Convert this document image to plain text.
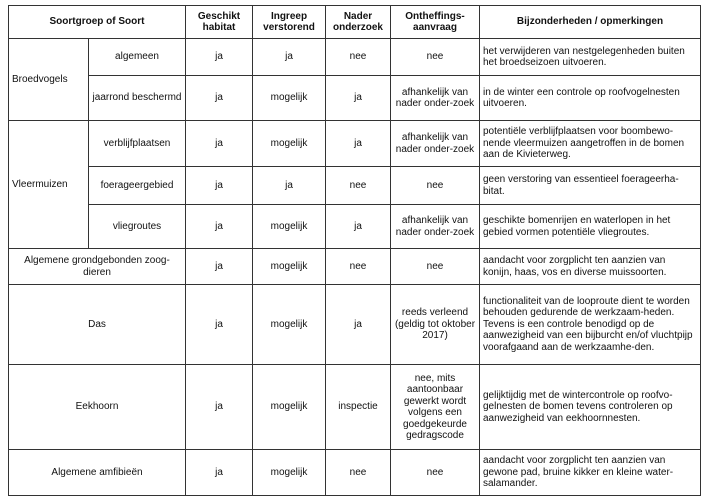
Soortgroep of Soort		Geschikt habitat	Ingreep verstorend	Nader onderzoek	Ontheffings-aanvraag	Bijzonderheden / opmerkingen
Broedvogels	algemeen	ja	ja	nee	nee	het verwijderen van nestgelegenheden buiten het broedseizoen uitvoeren.
	jaarrond beschermd	ja	mogelijk	ja	afhankelijk van nader onder-zoek	in de winter een controle op roofvogelnesten uitvoeren.
Vleermuizen	verblijfplaatsen	ja	mogelijk	ja	afhankelijk van nader onder-zoek	potentiële verblijfplaatsen voor boombewo-nende vleermuizen aangetroffen in de bomen aan de Kivieterweg.
	foerageergebied	ja	ja	nee	nee	geen verstoring van essentieel foerageerha-bitat.
	vliegroutes	ja	mogelijk	ja	afhankelijk van nader onder-zoek	geschikte bomenrijen en waterlopen in het gebied vormen potentiële vliegroutes.
Algemene grondgebonden zoog-dieren		ja	mogelijk	nee	nee	aandacht voor zorgplicht ten aanzien van konijn, haas, vos en diverse muissoorten.
Das		ja	mogelijk	ja	reeds verleend (geldig tot oktober 2017)	functionaliteit van de looproute dient te worden behouden gedurende de werkzaam-heden. Tevens is een controle benodigd op de aanwezigheid van een bijburcht en/of vluchtpijp voorafgaand aan de werkzaamhe-den.
Eekhoorn		ja	mogelijk	inspectie	nee, mits aantoonbaar gewerkt wordt volgens een goedgekeurde gedragscode	gelijktijdig met de wintercontrole op roofvo-gelnesten de bomen tevens controleren op aanwezigheid van eekhoornnesten.
Algemene amfibieën		ja	mogelijk	nee	nee	aandacht voor zorgplicht ten aanzien van gewone pad, bruine kikker en kleine water-salamander.
